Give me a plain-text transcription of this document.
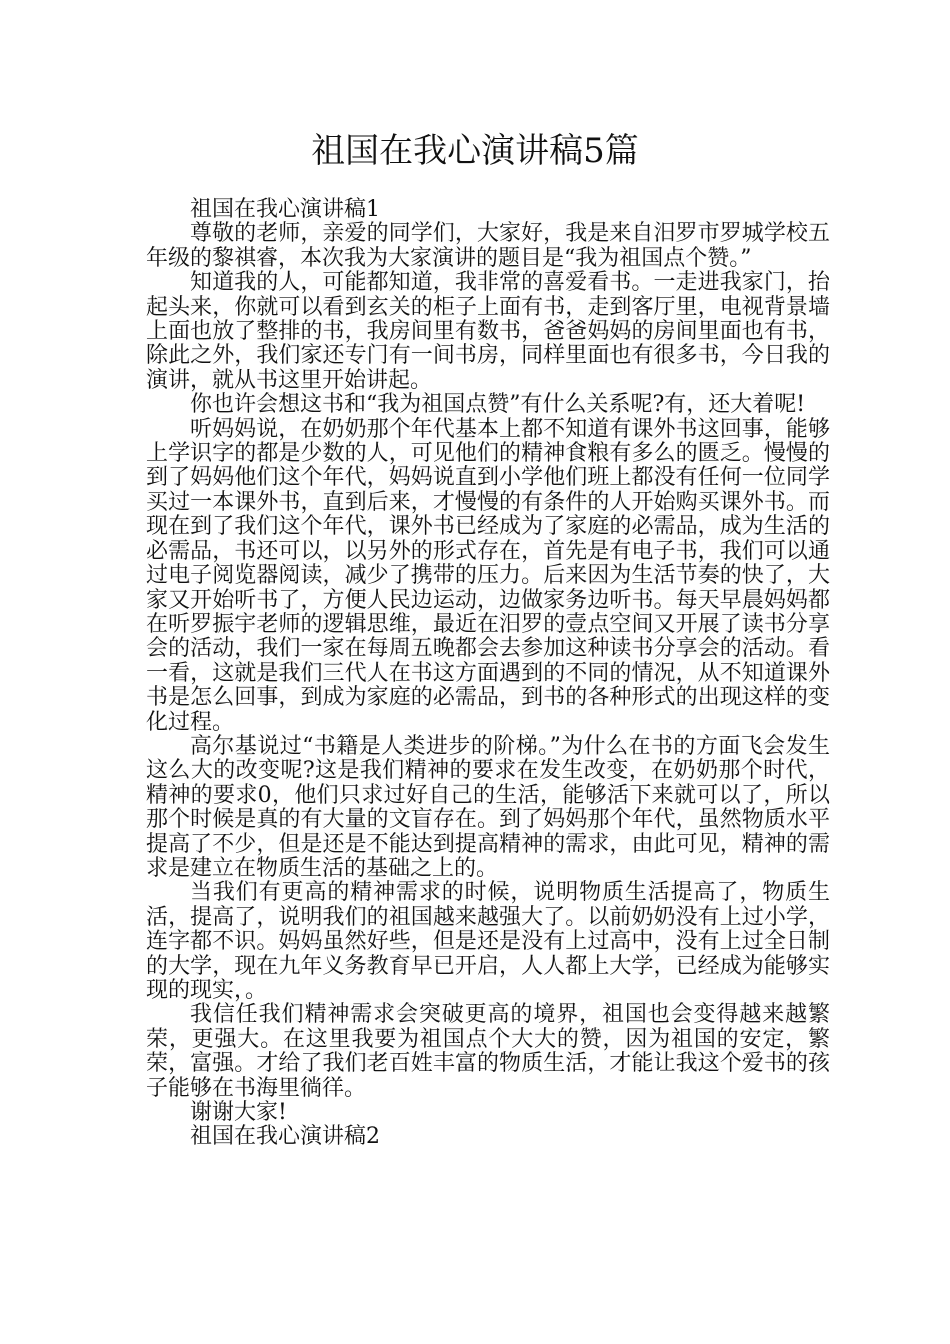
祖国在我心演讲稿5篇

祖国在我心演讲稿1

尊敬的老师，亲爱的同学们，大家好，我是来自汨罗市罗城学校五年级的黎祺睿，本次我为大家演讲的题目是“我为祖国点个赞。”

知道我的人，可能都知道，我非常的喜爱看书。一走进我家门，抬起头来，你就可以看到玄关的柜子上面有书，走到客厅里，电视背景墙上面也放了整排的书，我房间里有数书，爸爸妈妈的房间里面也有书，除此之外，我们家还专门有一间书房，同样里面也有很多书，今日我的演讲，就从书这里开始讲起。

你也许会想这书和“我为祖国点赞”有什么关系呢?有，还大着呢!

听妈妈说，在奶奶那个年代基本上都不知道有课外书这回事，能够上学识字的都是少数的人，可见他们的精神食粮有多么的匮乏。慢慢的到了妈妈他们这个年代，妈妈说直到小学他们班上都没有任何一位同学买过一本课外书，直到后来，才慢慢的有条件的人开始购买课外书。而现在到了我们这个年代，课外书已经成为了家庭的必需品，成为生活的必需品，书还可以，以另外的形式存在，首先是有电子书，我们可以通过电子阅览器阅读，减少了携带的压力。后来因为生活节奏的快了，大家又开始听书了，方便人民边运动，边做家务边听书。每天早晨妈妈都在听罗振宇老师的逻辑思维，最近在汨罗的壹点空间又开展了读书分享会的活动，我们一家在每周五晚都会去参加这种读书分享会的活动。看一看，这就是我们三代人在书这方面遇到的不同的情况，从不知道课外书是怎么回事，到成为家庭的必需品，到书的各种形式的出现这样的变化过程。

高尔基说过“书籍是人类进步的阶梯。”为什么在书的方面飞会发生这么大的改变呢?这是我们精神的要求在发生改变，在奶奶那个时代，精神的要求0，他们只求过好自己的生活，能够活下来就可以了，所以那个时候是真的有大量的文盲存在。到了妈妈那个年代，虽然物质水平提高了不少，但是还是不能达到提高精神的需求，由此可见，精神的需求是建立在物质生活的基础之上的。

当我们有更高的精神需求的时候，说明物质生活提高了，物质生活，提高了，说明我们的祖国越来越强大了。以前奶奶没有上过小学，连字都不识。妈妈虽然好些，但是还是没有上过高中，没有上过全日制的大学，现在九年义务教育早已开启，人人都上大学，已经成为能够实现的现实，。

我信任我们精神需求会突破更高的境界，祖国也会变得越来越繁荣，更强大。在这里我要为祖国点个大大的赞，因为祖国的安定，繁荣，富强。才给了我们老百姓丰富的物质生活，才能让我这个爱书的孩子能够在书海里徜徉。

谢谢大家!

祖国在我心演讲稿2
